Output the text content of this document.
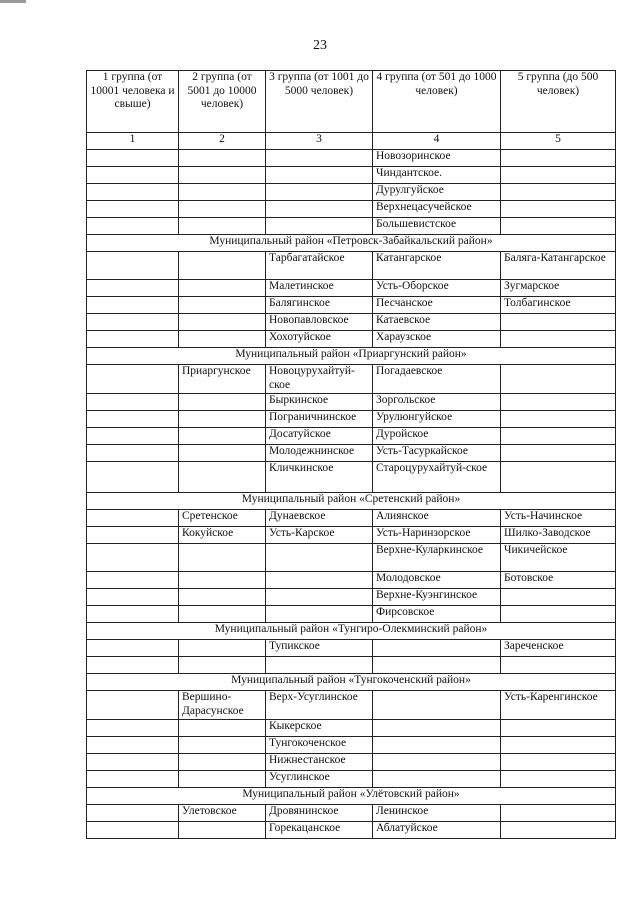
23
1 группа (от 10001 человека и свыше)	2 группа (от 5001 до 10000 человек)	3 группа (от 1001 до 5000 человек)	4 группа (от 501 до 1000 человек)	5 группа (до 500 человек)
1	2	3	4	5
			Новозоринское	
			Чиндантское.	
			Дурулгуйское	
			Верхнецасучейское	
			Большевистское	
Муниципальный район «Петровск-Забайкальский район»				
		Тарбагатайское	Катангарское	Баляга-Катангарское
		Малетинское	Усть-Оборское	Зугмарское
		Балягинское	Песчанское	Толбагинское
		Новопавловское	Катаевское	
		Хохотуйское	Хараузское	
Муниципальный район «Приаргунский район»				
	Приаргунское	Новоцурухайтуй-ское	Погадаевское	
		Быркинское	Зоргольское	
		Пограничнинское	Урулюнгуйское	
		Досатуйское	Дуройское	
		Молодежнинское	Усть-Тасуркайское	
		Кличкинское	Староцурухайтуй-ское	
Муниципальный район «Сретенский район»				
	Сретенское	Дунаевское	Алиянское	Усть-Начинское
	Кокуйское	Усть-Карское	Усть-Наринзорское	Шилко-Заводское
			Верхне-Куларкинское	Чикичейское
			Молодовское	Ботовское
			Верхне-Куэнгинское	
			Фирсовское	
Муниципальный район «Тунгиро-Олекминский район»				
		Тупикское		Зареченское

Муниципальный район «Тунгокоченский район»				
	Вершино-Дарасунское	Верх-Усуглинское		Усть-Каренгинское
		Кыкерское		
		Тунгокоченское		
		Нижнестанское		
		Усуглинское		
Муниципальный район «Улётовский район»				
	Улетовское	Дровянинское	Ленинское	
		Горекацанское	Аблатуйское	
